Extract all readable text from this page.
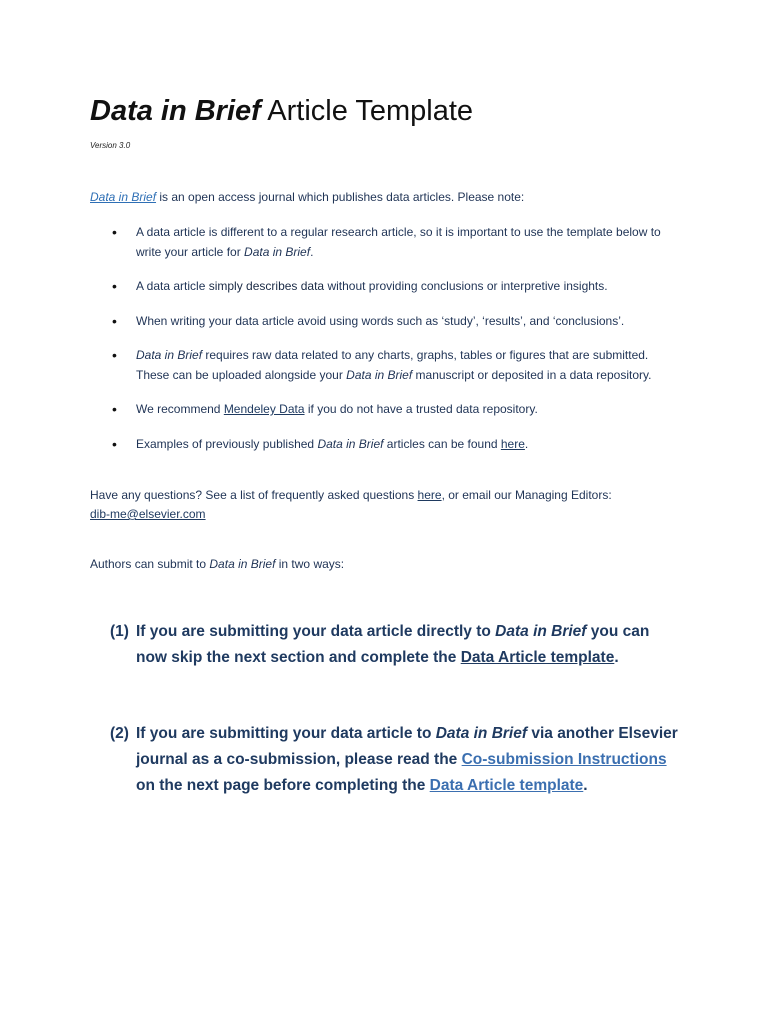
Data in Brief Article Template
Version 3.0
Data in Brief is an open access journal which publishes data articles. Please note:
• A data article is different to a regular research article, so it is important to use the template below to write your article for Data in Brief.
• A data article simply describes data without providing conclusions or interpretive insights.
• When writing your data article avoid using words such as ‘study’, ‘results’, and ‘conclusions’.
• Data in Brief requires raw data related to any charts, graphs, tables or figures that are submitted. These can be uploaded alongside your Data in Brief manuscript or deposited in a data repository.
• We recommend Mendeley Data if you do not have a trusted data repository.
• Examples of previously published Data in Brief articles can be found here.
Have any questions? See a list of frequently asked questions here, or email our Managing Editors:
dib-me@elsevier.com
Authors can submit to Data in Brief in two ways:
(1) If you are submitting your data article directly to Data in Brief you can now skip the next section and complete the Data Article template.
(2) If you are submitting your data article to Data in Brief via another Elsevier journal as a co-submission, please read the Co-submission Instructions on the next page before completing the Data Article template.
